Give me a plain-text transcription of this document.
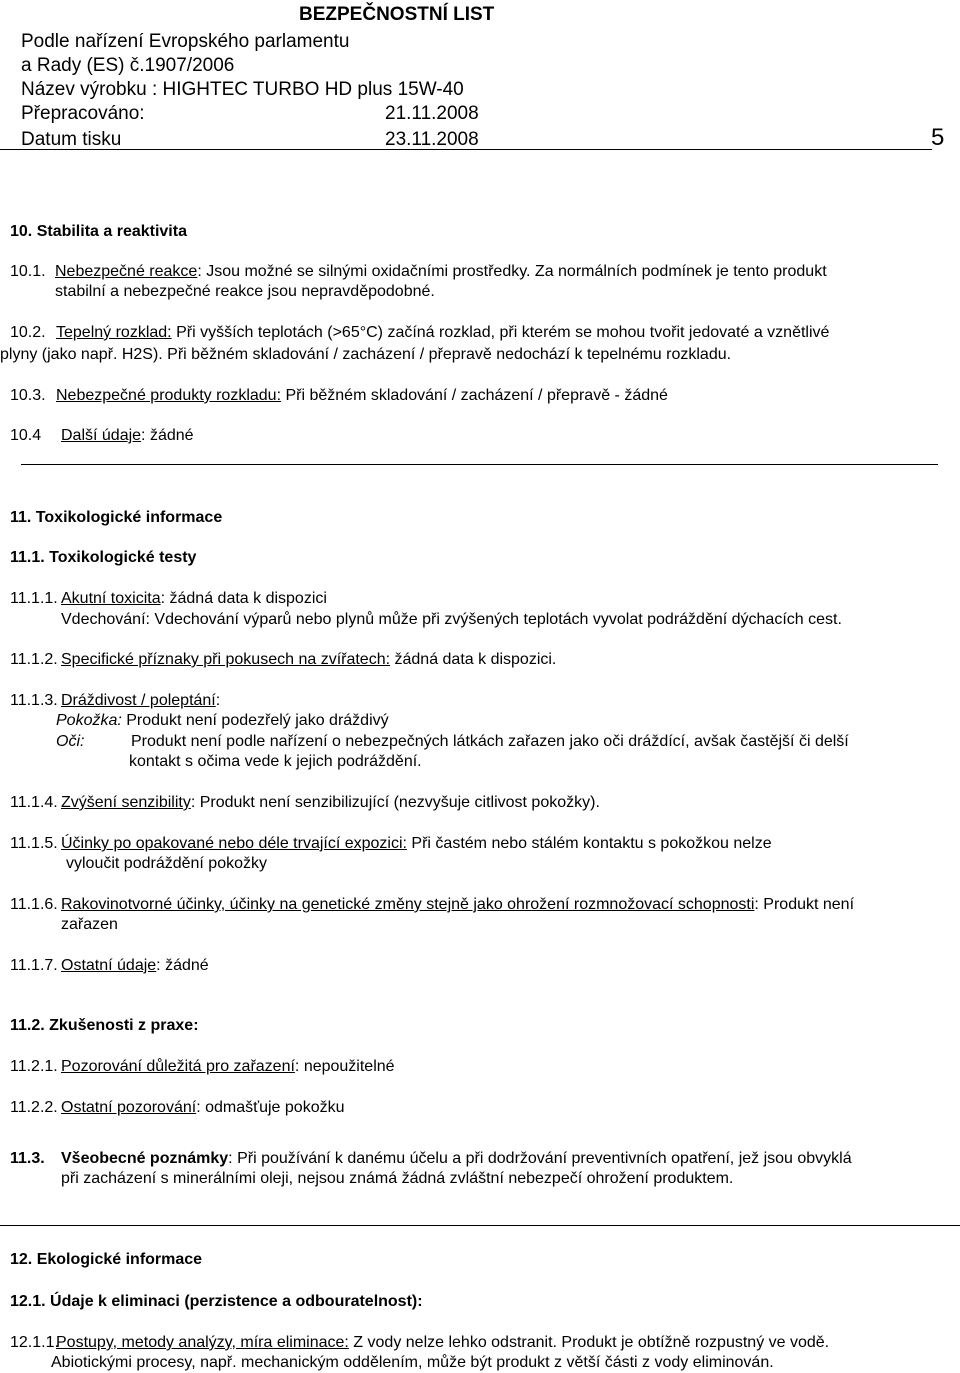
BEZPEČNOSTNÍ LIST
Podle nařízení Evropského parlamentu
a Rady (ES) č.1907/2006
Název výrobku : HIGHTEC TURBO HD plus 15W-40
Přepracováno:	21.11.2008
Datum tisku	23.11.2008	5
10. Stabilita a reaktivita
10.1. Nebezpečné reakce: Jsou možné se silnými oxidačními prostředky. Za normálních podmínek je tento produkt
stabilní a nebezpečné reakce jsou nepravděpodobné.
10.2. Tepelný rozklad: Při vyšších teplotách (>65°C) začíná rozklad, při kterém se mohou tvořit jedovaté a vznětlivé
plyny (jako např. H2S). Při běžném skladování / zacházení / přepravě nedochází k tepelnému rozkladu.
10.3. Nebezpečné produkty rozkladu: Při běžném skladování / zacházení / přepravě - žádné
10.4 Další údaje: žádné
11. Toxikologické informace
11.1. Toxikologické testy
11.1.1. Akutní toxicita: žádná data k dispozici
Vdechování: Vdechování výparů nebo plynů může při zvýšených teplotách vyvolat podráždění dýchacích cest.
11.1.2. Specifické příznaky při pokusech na zvířatech: žádná data k dispozici.
11.1.3. Dráždivost / poleptání:
Pokožka: Produkt není podezřelý jako dráždivý
Oči:	Produkt není podle nařízení o nebezpečných látkách zařazen jako oči dráždící, avšak častější či delší
kontakt s očima vede k jejich podráždění.
11.1.4. Zvýšení senzibility: Produkt není senzibilizující (nezvyšuje citlivost pokožky).
11.1.5. Účinky po opakované nebo déle trvající expozici: Při častém nebo stálém kontaktu s pokožkou nelze
vyloučit podráždění pokožky
11.1.6. Rakovinotvorné účinky, účinky na genetické změny stejně jako ohrožení rozmnožovací schopnosti: Produkt není
zařazen
11.1.7. Ostatní údaje: žádné
11.2. Zkušenosti z praxe:
11.2.1. Pozorování důležitá pro zařazení: nepoužitelné
11.2.2. Ostatní pozorování: odmašťuje pokožku
11.3. Všeobecné poznámky: Při používání k danému účelu a při dodržování preventivních opatření, jež jsou obvyklá
při zacházení s minerálními oleji, nejsou známá žádná zvláštní nebezpečí ohrožení produktem.
12. Ekologické informace
12.1. Údaje k eliminaci (perzistence a odbouratelnost):
12.1.1.
Postupy, metody analýzy, míra eliminace: Z vody nelze lehko odstranit. Produkt je obtížně rozpustný ve vodě.
Abiotickými procesy, např. mechanickým oddělením, může být produkt z větší části z vody eliminován.
